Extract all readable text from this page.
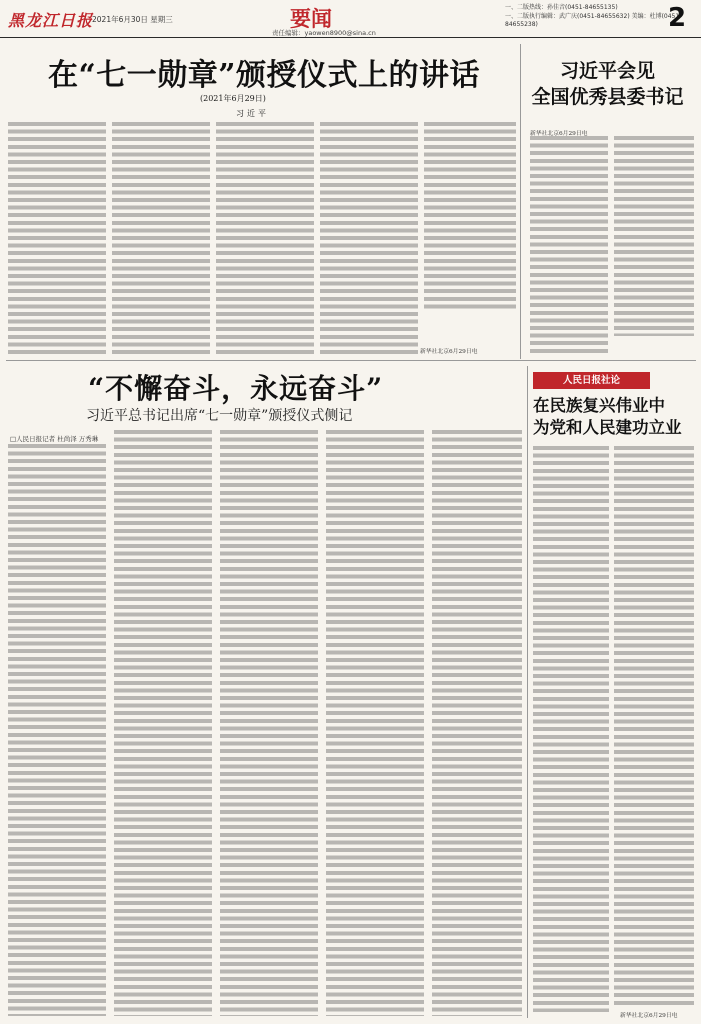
黑龙江日报
2021年6月30日 星期三	要闻
责任编辑：yaowen8900@sina.cn
一、二版热线：孙佳音(0451-84655135)
一、二版执行编辑：武广庆(0451-84655632) 美编：杜博(0451-84655238)	2
在“七一勋章”颁授仪式上的讲话
(2021年6月29日)
习近平
新华社北京6月29日电
习近平会见
全国优秀县委书记
新华社北京6月29日电
“不懈奋斗，永远奋斗”
习近平总书记出席“七一勋章”颁授仪式侧记
□人民日报记者 杜尚泽 万秀琳
人民日报社论
在民族复兴伟业中
为党和人民建功立业
新华社北京6月29日电
